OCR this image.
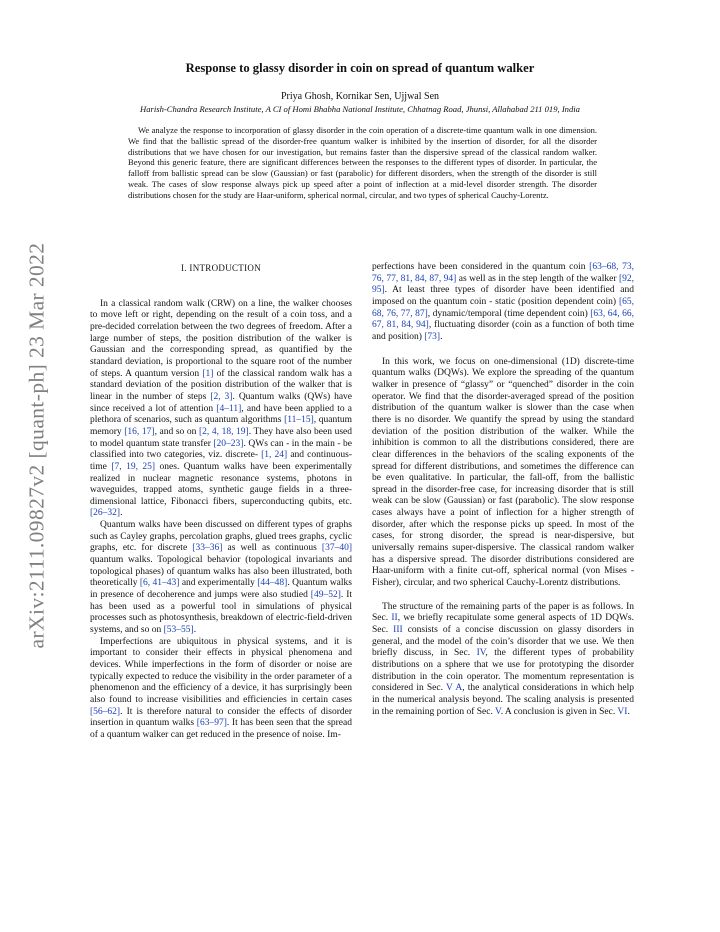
arXiv:2111.09827v2 [quant-ph] 23 Mar 2022
Response to glassy disorder in coin on spread of quantum walker
Priya Ghosh, Kornikar Sen, Ujjwal Sen
Harish-Chandra Research Institute, A CI of Homi Bhabha National Institute, Chhatnag Road, Jhunsi, Allahabad 211 019, India

We analyze the response to incorporation of glassy disorder in the coin operation of a discrete-time quantum walk in one dimension. We find that the ballistic spread of the disorder-free quantum walker is inhibited by the insertion of disorder, for all the disorder distributions that we have chosen for our investigation, but remains faster than the dispersive spread of the classical random walker. Beyond this generic feature, there are significant differences between the responses to the different types of disorder. In particular, the falloff from ballistic spread can be slow (Gaussian) or fast (parabolic) for different disorders, when the strength of the disorder is still weak. The cases of slow response always pick up speed after a point of inflection at a mid-level disorder strength. The disorder distributions chosen for the study are Haar-uniform, spherical normal, circular, and two types of spherical Cauchy-Lorentz.

I. INTRODUCTION

In a classical random walk (CRW) on a line, the walker chooses to move left or right, depending on the result of a coin toss, and a pre-decided correlation between the two degrees of freedom. After a large number of steps, the position distribution of the walker is Gaussian and the corresponding spread, as quantified by the standard deviation, is proportional to the square root of the number of steps. A quantum version [1] of the classical random walk has a standard deviation of the position distribution of the walker that is linear in the number of steps [2, 3]. Quantum walks (QWs) have since received a lot of attention [4–11], and have been applied to a plethora of scenarios, such as quantum algorithms [11–15], quantum memory [16, 17], and so on [2, 4, 18, 19]. They have also been used to model quantum state transfer [20–23]. QWs can - in the main - be classified into two categories, viz. discrete- [1, 24] and continuous-time [7, 19, 25] ones. Quantum walks have been experimentally realized in nuclear magnetic resonance systems, photons in waveguides, trapped atoms, synthetic gauge fields in a three-dimensional lattice, Fibonacci fibers, superconducting qubits, etc. [26–32].

Quantum walks have been discussed on different types of graphs such as Cayley graphs, percolation graphs, glued trees graphs, cyclic graphs, etc. for discrete [33–36] as well as continuous [37–40] quantum walks. Topological behavior (topological invariants and topological phases) of quantum walks has also been illustrated, both theoretically [6, 41–43] and experimentally [44–48]. Quantum walks in presence of decoherence and jumps were also studied [49–52]. It has been used as a powerful tool in simulations of physical processes such as photosynthesis, breakdown of electric-field-driven systems, and so on [53–55].

Imperfections are ubiquitous in physical systems, and it is important to consider their effects in physical phenomena and devices. While imperfections in the form of disorder or noise are typically expected to reduce the visibility in the order parameter of a phenomenon and the efficiency of a device, it has surprisingly been also found to increase visibilities and efficiencies in certain cases [56–62]. It is therefore natural to consider the effects of disorder insertion in quantum walks [63–97]. It has been seen that the spread of a quantum walker can get reduced in the presence of noise. Im-

perfections have been considered in the quantum coin [63–68, 73, 76, 77, 81, 84, 87, 94] as well as in the step length of the walker [92, 95]. At least three types of disorder have been identified and imposed on the quantum coin - static (position dependent coin) [65, 68, 76, 77, 87], dynamic/temporal (time dependent coin) [63, 64, 66, 67, 81, 84, 94], fluctuating disorder (coin as a function of both time and position) [73].

In this work, we focus on one-dimensional (1D) discrete-time quantum walks (DQWs). We explore the spreading of the quantum walker in presence of “glassy” or “quenched” disorder in the coin operator. We find that the disorder-averaged spread of the position distribution of the quantum walker is slower than the case when there is no disorder. We quantify the spread by using the standard deviation of the position distribution of the walker. While the inhibition is common to all the distributions considered, there are clear differences in the behaviors of the scaling exponents of the spread for different distributions, and sometimes the difference can be even qualitative. In particular, the fall-off, from the ballistic spread in the disorder-free case, for increasing disorder that is still weak can be slow (Gaussian) or fast (parabolic). The slow response cases always have a point of inflection for a higher strength of disorder, after which the response picks up speed. In most of the cases, for strong disorder, the spread is near-dispersive, but universally remains super-dispersive. The classical random walker has a dispersive spread. The disorder distributions considered are Haar-uniform with a finite cut-off, spherical normal (von Mises - Fisher), circular, and two spherical Cauchy-Lorentz distributions.

The structure of the remaining parts of the paper is as follows. In Sec. II, we briefly recapitulate some general aspects of 1D DQWs. Sec. III consists of a concise discussion on glassy disorders in general, and the model of the coin’s disorder that we use. We then briefly discuss, in Sec. IV, the different types of probability distributions on a sphere that we use for prototyping the disorder distribution in the coin operator. The momentum representation is considered in Sec. V A, the analytical considerations in which help in the numerical analysis beyond. The scaling analysis is presented in the remaining portion of Sec. V. A conclusion is given in Sec. VI.
